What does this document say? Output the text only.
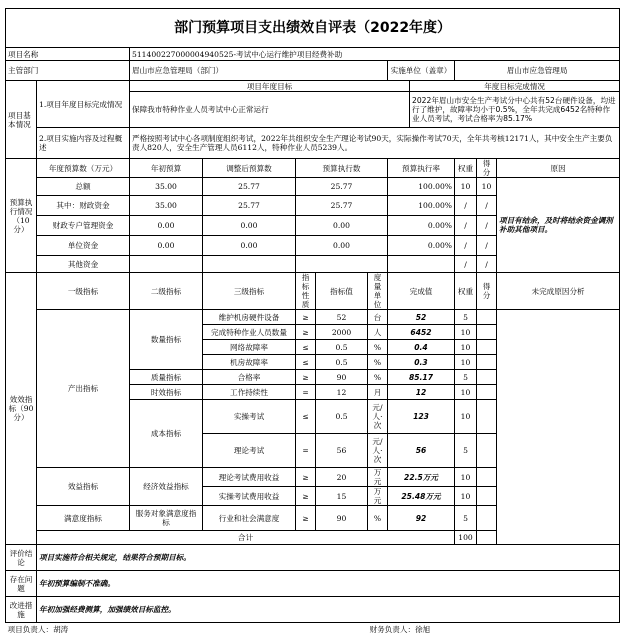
部门预算项目支出绩效自评表（2022年度）											
项目名称		511400227000004940525-考试中心运行维护项目经费补助									
主管部门		眉山市应急管理局（部门）					实施单位（盖章）		眉山市应急管理局		
项目基本情况	1.项目年度目标完成情况	项目年度目标						年度目标完成情况			
		保障我市特种作业人员考试中心正常运行						2022年眉山市安全生产考试分中心共有52台硬件设备，均进行了维护，故障率均小于0.5%，全年共完成6452名特种作业人员考试，考试合格率为85.17%			
	2.项目实施内容及过程概述	严格按照考试中心各项制度组织考试，2022年共组织安全生产理论考试90天，实际操作考试70天，全年共考核12171人，其中安全生产主要负责人820人，安全生产管理人员6112人，特种作业人员5239人。									

预算执行情况（10分）	年度预算数（万元）	年初预算	调整后预算数	预算执行数			预算执行率		权重	得分	原因
	总额	35.00	25.77	25.77			100.00%		10	10	项目有结余，及时将结余资金调剂补助其他项目。
	其中：财政资金	35.00	25.77	25.77			100.00%		/	/	
	财政专户管理资金	0.00	0.00	0.00			0.00%		/	/	
	单位资金	0.00	0.00	0.00			0.00%		/	/	
	其他资金								/	/	
效效指标（90分）	一级指标	二级指标	三级指标	指标性质	指标值	度量单位	完成值		权重	得分	未完成原因分析
	产出指标	数量指标	维护机房硬件设备	≥	52	台	52		5		
			完成特种作业人员数量	≥	2000	人	6452		10		
			网络故障率	≤	0.5	%	0.4		10		
			机房故障率	≤	0.5	%	0.3		10		
		质量指标	合格率	≥	90	%	85.17		5		
		时效指标	工作持续性	=	12	月	12		10		
		成本指标	实操考试	≤	0.5	元/人·次	123		10		
			理论考试	=	56	元/人·次	56		5		
	效益指标	经济效益指标	理论考试费用收益	≥	20	万元	22.5万元		10		
			实操考试费用收益	≥	15	万元	25.48万元		10		
	满意度指标	服务对象满意度指标	行业和社会满意度	≥	90	%	92		5		
	合计								100		
评价结论	项目实施符合相关规定，结果符合预期目标。										
存在问题	年初预算编制不准确。										
改进措施	年初加强经费测算，加强绩效目标监控。										
项目负责人：胡涛						财务负责人：徐旭					
